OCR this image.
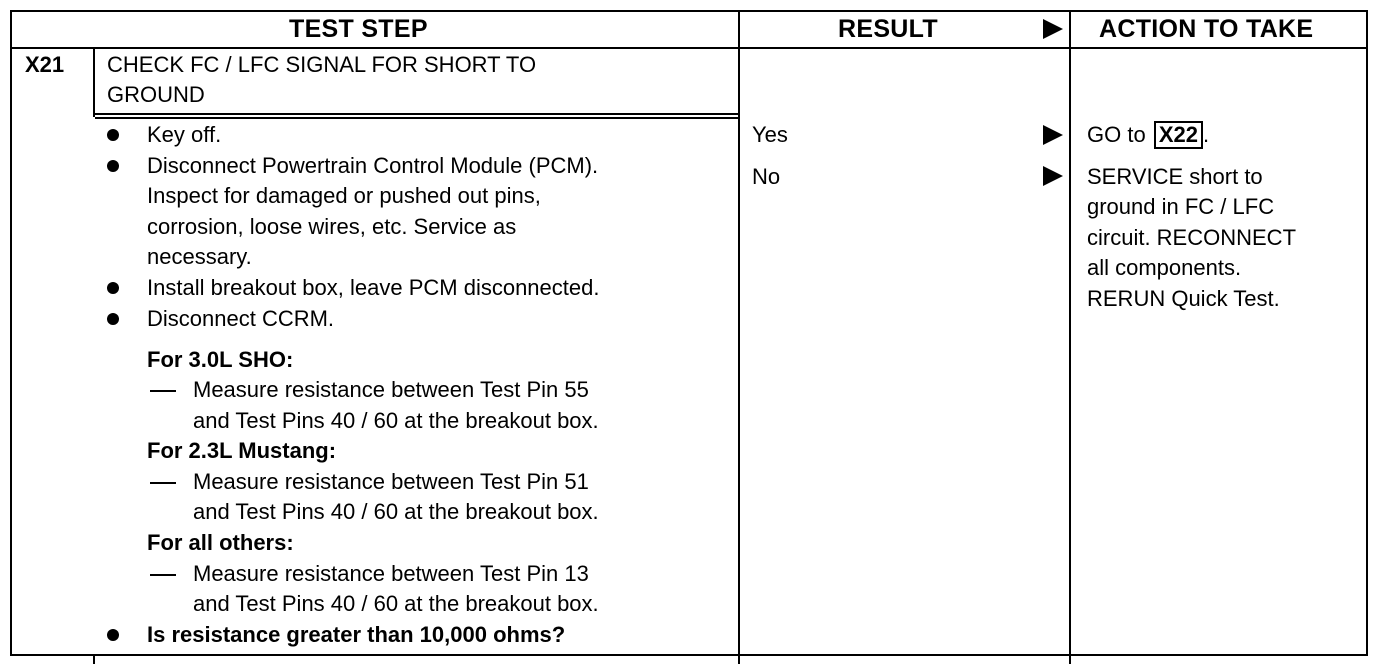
TEST STEP	RESULT	ACTION TO TAKE
X21 CHECK FC / LFC SIGNAL FOR SHORT TO
GROUND
Key off.
Disconnect Powertrain Control Module (PCM).
Inspect for damaged or pushed out pins,
corrosion, loose wires, etc. Service as
necessary.
Install breakout box, leave PCM disconnected.
Disconnect CCRM.
For 3.0L SHO:
Measure resistance between Test Pin 55
and Test Pins 40 / 60 at the breakout box.
For 2.3L Mustang:
Measure resistance between Test Pin 51
and Test Pins 40 / 60 at the breakout box.
For all others:
Measure resistance between Test Pin 13
and Test Pins 40 / 60 at the breakout box.
Is resistance greater than 10,000 ohms?
Yes
No
GO to X22 .
SERVICE short to
ground in FC / LFC
circuit. RECONNECT
all components.
RERUN Quick Test.
